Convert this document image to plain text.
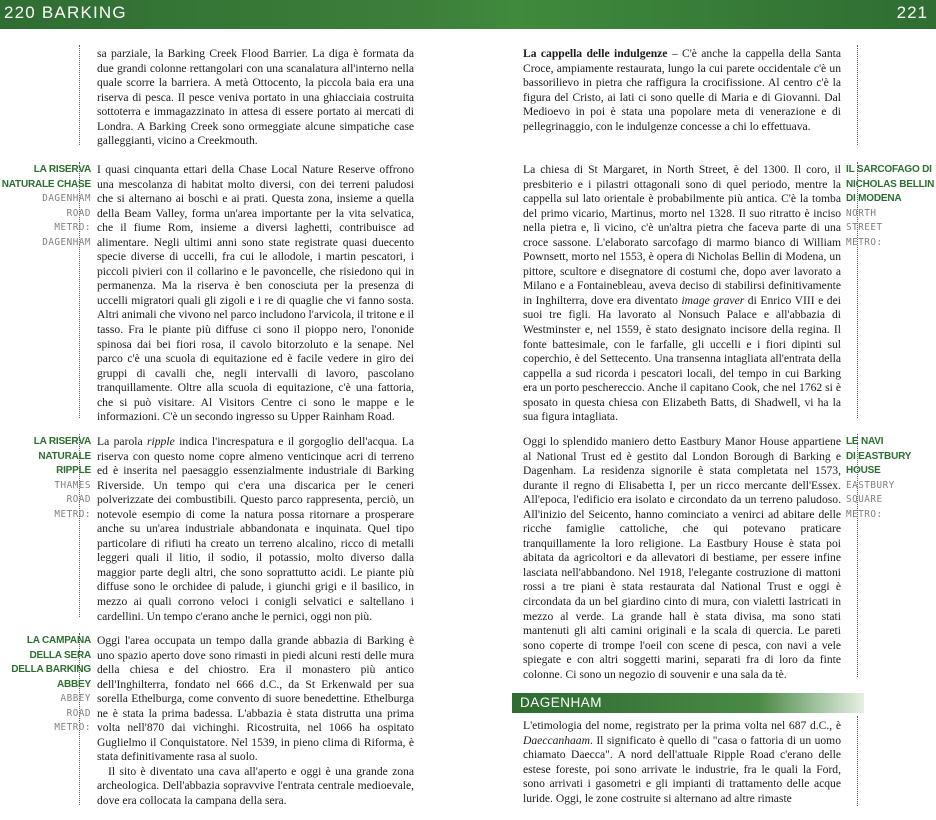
220 BARKING	221

sa parziale, la Barking Creek Flood Barrier. La diga è formata da due grandi colonne rettangolari con una scanalatura all'interno nella quale scorre la barriera. A metà Ottocento, la piccola baia era una riserva di pesca. Il pesce veniva portato in una ghiacciaia costruita sottoterra e immagazzinato in attesa di essere portato ai mercati di Londra. A Barking Creek sono ormeggiate alcune simpatiche case galleggianti, vicino a Creekmouth.

LA RISERVA
NATURALE CHASE
DAGENHAM
ROAD
METRO:
DAGENHAM

I quasi cinquanta ettari della Chase Local Nature Reserve offrono una mescolanza di habitat molto diversi, con dei terreni paludosi che si alternano ai boschi e ai prati. Questa zona, insieme a quella della Beam Valley, forma un'area importante per la vita selvatica, che il fiume Rom, insieme a diversi laghetti, contribuisce ad alimentare. Negli ultimi anni sono state registrate quasi duecento specie diverse di uccelli, fra cui le allodole, i martin pescatori, i piccoli pivieri con il collarino e le pavoncelle, che risiedono qui in permanenza. Ma la riserva è ben conosciuta per la presenza di uccelli migratori quali gli zigoli e i re di quaglie che vi fanno sosta. Altri animali che vivono nel parco includono l'arvicola, il tritone e il tasso. Fra le piante più diffuse ci sono il pioppo nero, l'ononide spinosa dai bei fiori rosa, il cavolo bitorzoluto e la senape. Nel parco c'è una scuola di equitazione ed è facile vedere in giro dei gruppi di cavalli che, negli intervalli di lavoro, pascolano tranquillamente. Oltre alla scuola di equitazione, c'è una fattoria, che si può visitare. Al Visitors Centre ci sono le mappe e le informazioni. C'è un secondo ingresso su Upper Rainham Road.

LA RISERVA
NATURALE
RIPPLE
THAMES
ROAD
METRO:

La parola ripple indica l'increspatura e il gorgoglio dell'acqua. La riserva con questo nome copre almeno venticinque acri di terreno ed è inserita nel paesaggio essenzialmente industriale di Barking Riverside. Un tempo qui c'era una discarica per le ceneri polverizzate dei combustibili. Questo parco rappresenta, perciò, un notevole esempio di come la natura possa ritornare a prosperare anche su un'area industriale abbandonata e inquinata. Quel tipo particolare di rifiuti ha creato un terreno alcalino, ricco di metalli leggeri quali il litio, il sodio, il potassio, molto diverso dalla maggior parte degli altri, che sono soprattutto acidi. Le piante più diffuse sono le orchidee di palude, i giunchi grigi e il basilico, in mezzo ai quali corrono veloci i conigli selvatici e saltellano i cardellini. Un tempo c'erano anche le pernici, oggi non più.

LA CAMPANA
DELLA SERA
DELLA BARKING
ABBEY
ABBEY
ROAD
METRO:

Oggi l'area occupata un tempo dalla grande abbazia di Barking è uno spazio aperto dove sono rimasti in piedi alcuni resti delle mura della chiesa e del chiostro. Era il monastero più antico dell'Inghilterra, fondato nel 666 d.C., da St Erkenwald per sua sorella Ethelburga, come convento di suore benedettine. Ethelburga ne è stata la prima badessa. L'abbazia è stata distrutta una prima volta nell'870 dai vichinghi. Ricostruita, nel 1066 ha ospitato Guglielmo il Conquistatore. Nel 1539, in pieno clima di Riforma, è stata definitivamente rasa al suolo.

Il sito è diventato una cava all'aperto e oggi è una grande zona archeologica. Dell'abbazia sopravvive l'entrata centrale medioevale, dove era collocata la campana della sera.

La cappella delle indulgenze – C'è anche la cappella della Santa Croce, ampiamente restaurata, lungo la cui parete occidentale c'è un bassorilievo in pietra che raffigura la crocifissione. Al centro c'è la figura del Cristo, ai lati ci sono quelle di Maria e di Giovanni. Dal Medioevo in poi è stata una popolare meta di venerazione e di pellegrinaggio, con le indulgenze concesse a chi lo effettuava.

La chiesa di St Margaret, in North Street, è del 1300. Il coro, il presbiterio e i pilastri ottagonali sono di quel periodo, mentre la cappella sul lato orientale è probabilmente più antica. C'è la tomba del primo vicario, Martinus, morto nel 1328. Il suo ritratto è inciso nella pietra e, lì vicino, c'è un'altra pietra che faceva parte di una croce sassone. L'elaborato sarcofago di marmo bianco di William Pownsett, morto nel 1553, è opera di Nicholas Bellin di Modena, un pittore, scultore e disegnatore di costumi che, dopo aver lavorato a Milano e a Fontainebleau, aveva deciso di stabilirsi definitivamente in Inghilterra, dove era diventato image graver di Enrico VIII e dei suoi tre figli. Ha lavorato al Nonsuch Palace e all'abbazia di Westminster e, nel 1559, è stato designato incisore della regina. Il fonte battesimale, con le farfalle, gli uccelli e i fiori dipinti sul coperchio, è del Settecento. Una transenna intagliata all'entrata della cappella a sud ricorda i pescatori locali, del tempo in cui Barking era un porto peschereccio. Anche il capitano Cook, che nel 1762 si è sposato in questa chiesa con Elizabeth Batts, di Shadwell, vi ha la sua figura intagliata.

IL SARCOFAGO DI
NICHOLAS BELLIN
DI MODENA
NORTH
STREET
METRO:

Oggi lo splendido maniero detto Eastbury Manor House appartiene al National Trust ed è gestito dal London Borough di Barking e Dagenham. La residenza signorile è stata completata nel 1573, durante il regno di Elisabetta I, per un ricco mercante dell'Essex. All'epoca, l'edificio era isolato e circondato da un terreno paludoso. All'inizio del Seicento, hanno cominciato a venirci ad abitare delle ricche famiglie cattoliche, che qui potevano praticare tranquillamente la loro religione. La Eastbury House è stata poi abitata da agricoltori e da allevatori di bestiame, per essere infine lasciata nell'abbandono. Nel 1918, l'elegante costruzione di mattoni rossi a tre piani è stata restaurata dal National Trust e oggi è circondata da un bel giardino cinto di mura, con vialetti lastricati in mezzo al verde. La grande hall è stata divisa, ma sono stati mantenuti gli alti camini originali e la scala di quercia. Le pareti sono coperte di trompe l'oeil con scene di pesca, con navi a vele spiegate e con altri soggetti marini, separati fra di loro da finte colonne. Ci sono un negozio di souvenir e una sala da tè.

LE NAVI
DI EASTBURY
HOUSE
EASTBURY
SQUARE
METRO:
DAGENHAM

L'etimologia del nome, registrato per la prima volta nel 687 d.C., è Daeccanhaam. Il significato è quello di "casa o fattoria di un uomo chiamato Daecca". A nord dell'attuale Ripple Road c'erano delle estese foreste, poi sono arrivate le industrie, fra le quali la Ford, sono arrivati i gasometri e gli impianti di trattamento delle acque luride. Oggi, le zone costruite si alternano ad altre rimaste
